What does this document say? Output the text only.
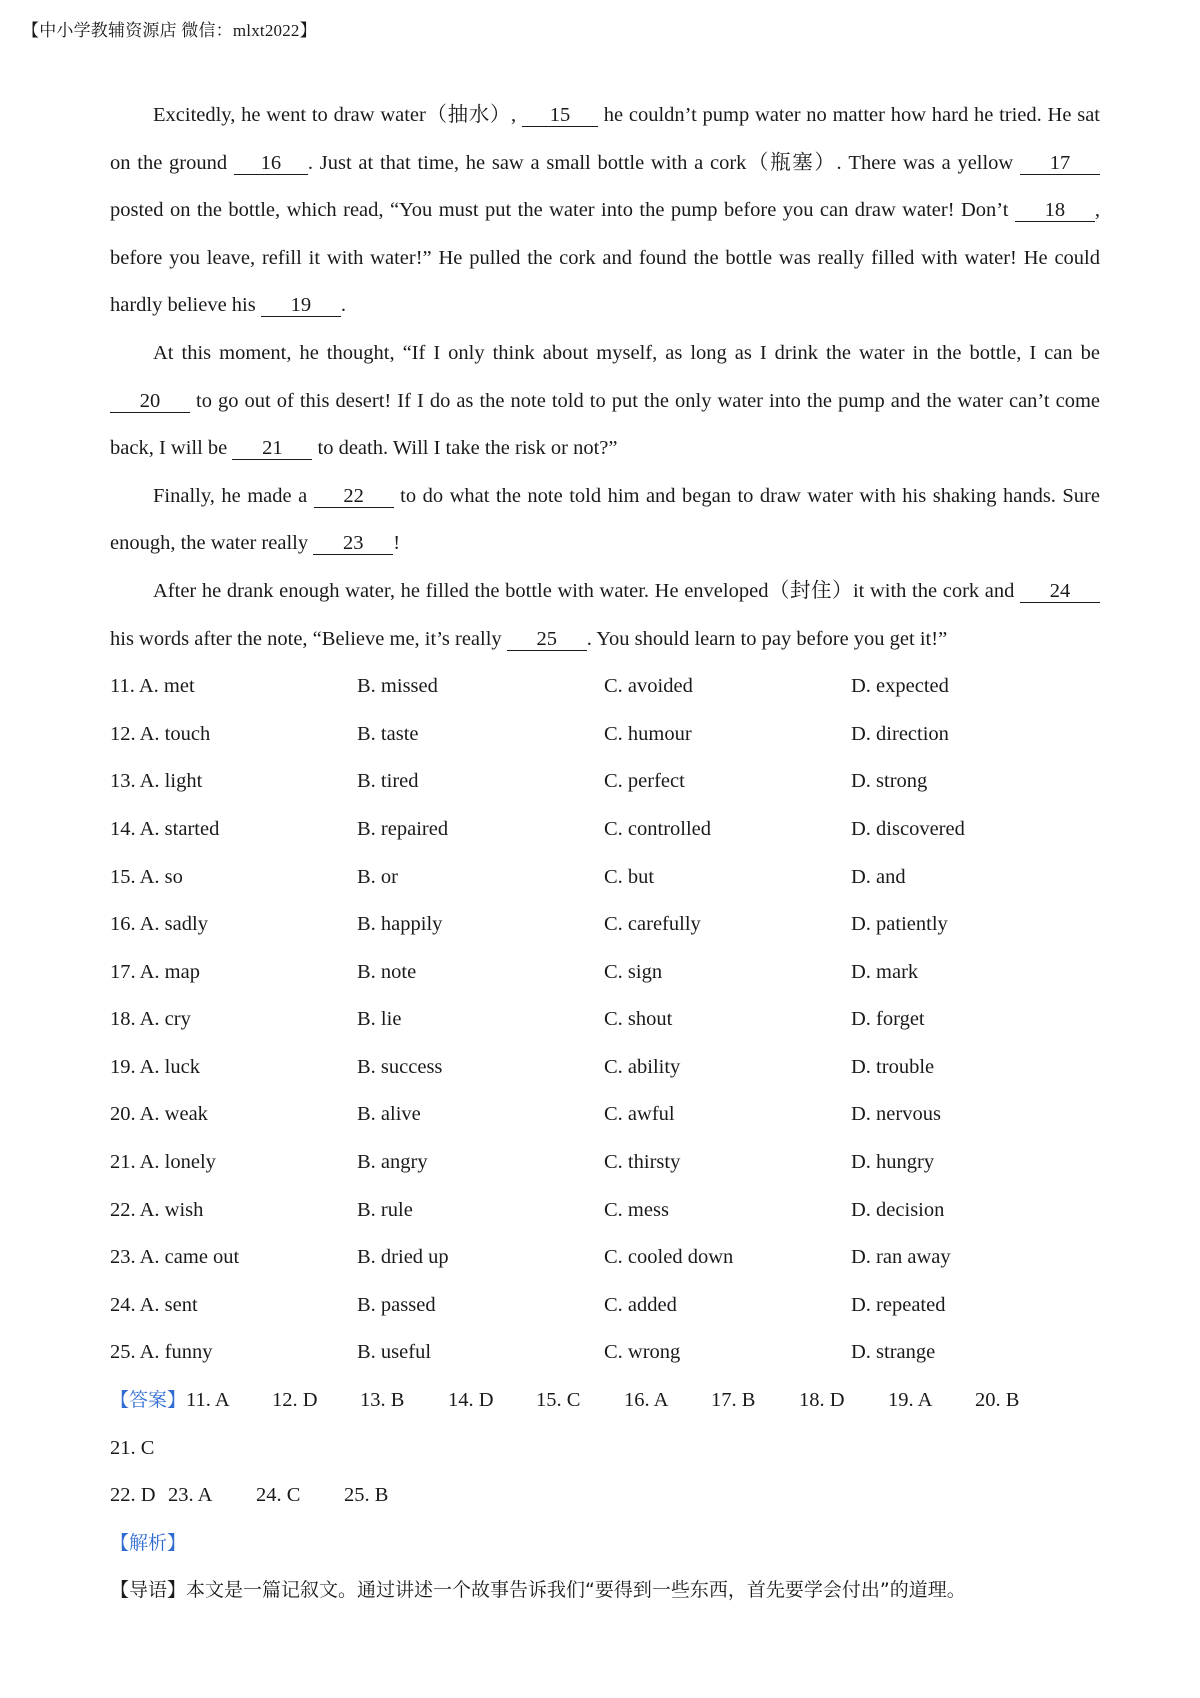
【中小学教辅资源店 微信：mlxt2022】

Excitedly, he went to draw water（抽水）, 15 he couldn’t pump water no matter how hard he tried. He sat on the ground 16 . Just at that time, he saw a small bottle with a cork（瓶塞）. There was a yellow 17 posted on the bottle, which read, “You must put the water into the pump before you can draw water! Don’t 18 , before you leave, refill it with water!” He pulled the cork and found the bottle was really filled with water! He could hardly believe his 19 .

At this moment, he thought, “If I only think about myself, as long as I drink the water in the bottle, I can be 20 to go out of this desert! If I do as the note told to put the only water into the pump and the water can’t come back, I will be 21 to death. Will I take the risk or not?”

Finally, he made a 22 to do what the note told him and began to draw water with his shaking hands. Sure enough, the water really 23 !

After he drank enough water, he filled the bottle with water. He enveloped（封住）it with the cork and 24 his words after the note, “Believe me, it’s really 25 . You should learn to pay before you get it!”

11. A. met	B. missed	C. avoided	D. expected
12. A. touch	B. taste	C. humour	D. direction
13. A. light	B. tired	C. perfect	D. strong
14. A. started	B. repaired	C. controlled	D. discovered
15. A. so	B. or	C. but	D. and
16. A. sadly	B. happily	C. carefully	D. patiently
17. A. map	B. note	C. sign	D. mark
18. A. cry	B. lie	C. shout	D. forget
19. A. luck	B. success	C. ability	D. trouble
20. A. weak	B. alive	C. awful	D. nervous
21. A. lonely	B. angry	C. thirsty	D. hungry
22. A. wish	B. rule	C. mess	D. decision
23. A. came out	B. dried up	C. cooled down	D. ran away
24. A. sent	B. passed	C. added	D. repeated
25. A. funny	B. useful	C. wrong	D. strange
【答案】11. A 12. D 13. B 14. D 15. C 16. A 17. B 18. D 19. A 20. B21. C
22. D 23. A 24. C 25. B
【解析】
【导语】本文是一篇记叙文。通过讲述一个故事告诉我们“要得到一些东西，首先要学会付出”的道理。
